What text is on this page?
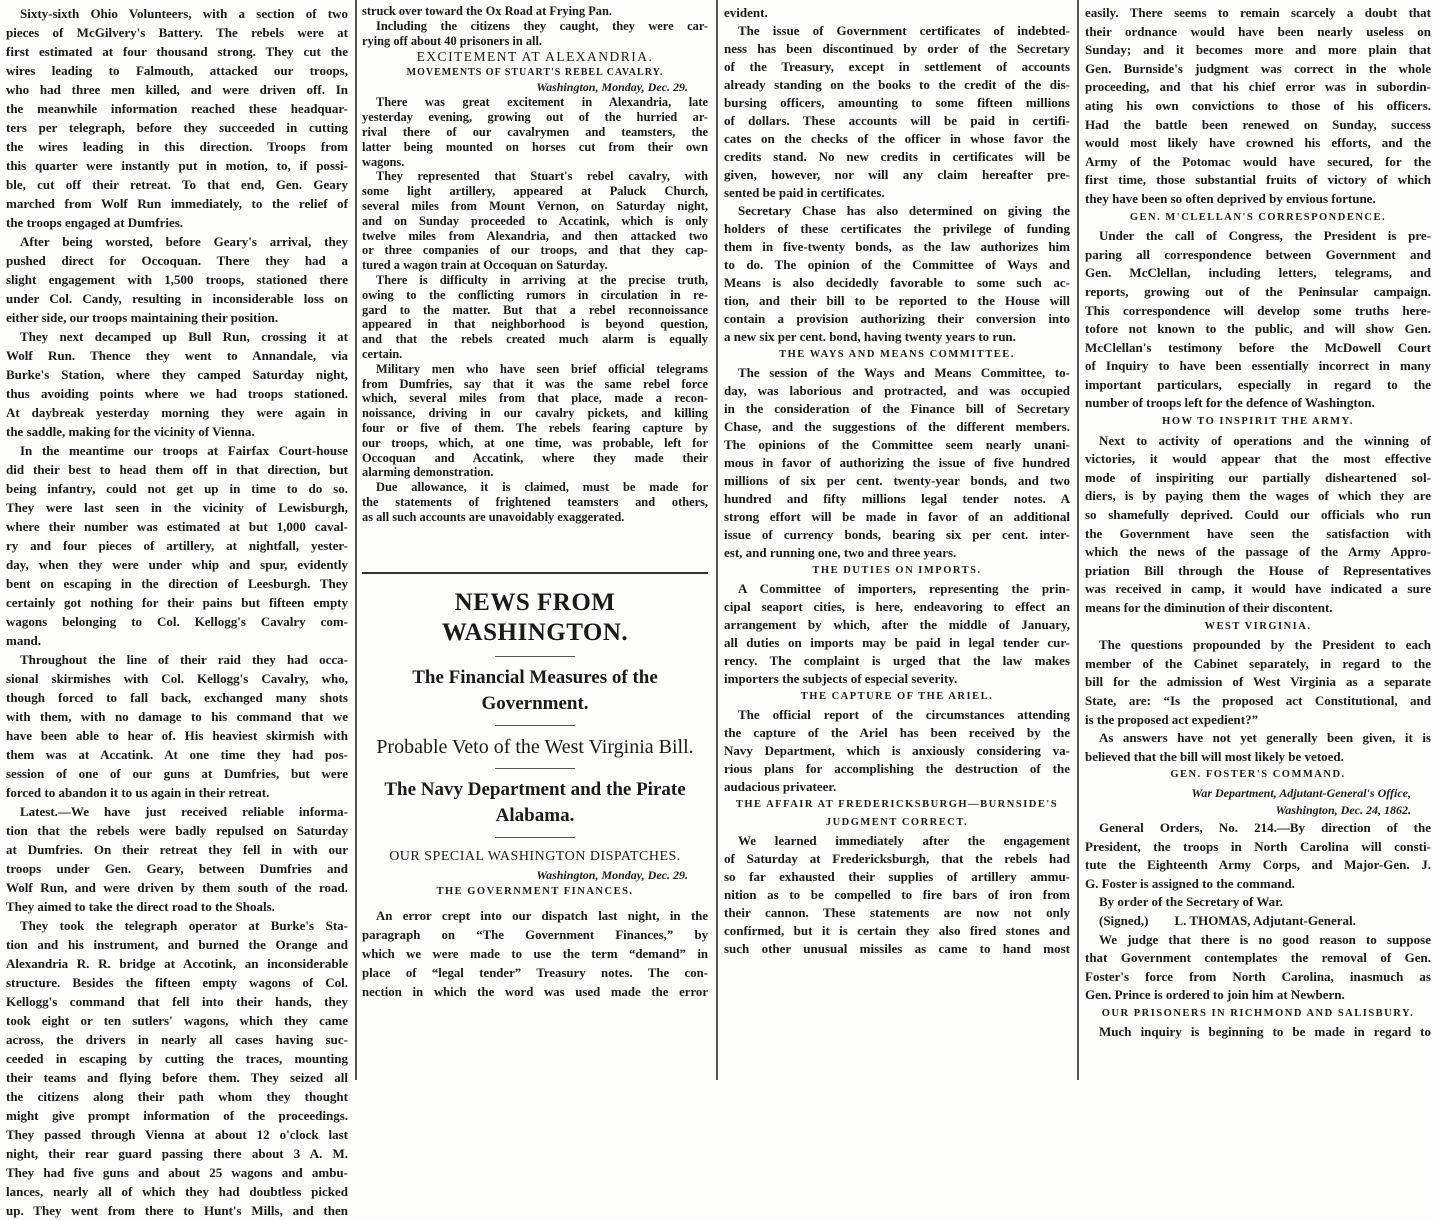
Sixty-sixth Ohio Volunteers, with a section of two
pieces of McGilvery's Battery. The rebels were at
first estimated at four thousand strong. They cut the
wires leading to Falmouth, attacked our troops,
who had three men killed, and were driven off. In
the meanwhile information reached these headquar-
ters per telegraph, before they succeeded in cutting
the wires leading in this direction. Troops from
this quarter were instantly put in motion, to, if possi-
ble, cut off their retreat. To that end, Gen. Geary
marched from Wolf Run immediately, to the relief of
the troops engaged at Dumfries.
After being worsted, before Geary's arrival, they
pushed direct for Occoquan. There they had a
slight engagement with 1,500 troops, stationed there
under Col. Candy, resulting in inconsiderable loss on
either side, our troops maintaining their position.
They next decamped up Bull Run, crossing it at
Wolf Run. Thence they went to Annandale, via
Burke's Station, where they camped Saturday night,
thus avoiding points where we had troops stationed.
At daybreak yesterday morning they were again in
the saddle, making for the vicinity of Vienna.
In the meantime our troops at Fairfax Court-house
did their best to head them off in that direction, but
being infantry, could not get up in time to do so.
They were last seen in the vicinity of Lewisburgh,
where their number was estimated at but 1,000 caval-
ry and four pieces of artillery, at nightfall, yester-
day, when they were under whip and spur, evidently
bent on escaping in the direction of Leesburgh. They
certainly got nothing for their pains but fifteen empty
wagons belonging to Col. Kellogg's Cavalry com-
mand.
Throughout the line of their raid they had occa-
sional skirmishes with Col. Kellogg's Cavalry, who,
though forced to fall back, exchanged many shots
with them, with no damage to his command that we
have been able to hear of. His heaviest skirmish with
them was at Accatink. At one time they had pos-
session of one of our guns at Dumfries, but were
forced to abandon it to us again in their retreat.
Latest.—We have just received reliable informa-
tion that the rebels were badly repulsed on Saturday
at Dumfries. On their retreat they fell in with our
troops under Gen. Geary, between Dumfries and
Wolf Run, and were driven by them south of the road.
They aimed to take the direct road to the Shoals.
They took the telegraph operator at Burke's Sta-
tion and his instrument, and burned the Orange and
Alexandria R. R. bridge at Accotink, an inconsiderable
structure. Besides the fifteen empty wagons of Col.
Kellogg's command that fell into their hands, they
took eight or ten sutlers' wagons, which they came
across, the drivers in nearly all cases having suc-
ceeded in escaping by cutting the traces, mounting
their teams and flying before them. They seized all
the citizens along their path whom they thought
might give prompt information of the proceedings.
They passed through Vienna at about 12 o'clock last
night, their rear guard passing there about 3 A. M.
They had five guns and about 25 wagons and ambu-
lances, nearly all of which they had doubtless picked
up. They went from there to Hunt's Mills, and then
struck over toward the Ox Road at Frying Pan.
Including the citizens they caught, they were car-
rying off about 40 prisoners in all.
EXCITEMENT AT ALEXANDRIA.
MOVEMENTS OF STUART'S REBEL CAVALRY.
Washington, Monday, Dec. 29.
There was great excitement in Alexandria, late
yesterday evening, growing out of the hurried ar-
rival there of our cavalrymen and teamsters, the
latter being mounted on horses cut from their own
wagons.
They represented that Stuart's rebel cavalry, with
some light artillery, appeared at Paluck Church,
several miles from Mount Vernon, on Saturday night,
and on Sunday proceeded to Accatink, which is only
twelve miles from Alexandria, and then attacked two
or three companies of our troops, and that they cap-
tured a wagon train at Occoquan on Saturday.
There is difficulty in arriving at the precise truth,
owing to the conflicting rumors in circulation in re-
gard to the matter. But that a rebel reconnoissance
appeared in that neighborhood is beyond question,
and that the rebels created much alarm is equally
certain.
Military men who have seen brief official telegrams
from Dumfries, say that it was the same rebel force
which, several miles from that place, made a recon-
noissance, driving in our cavalry pickets, and killing
four or five of them. The rebels fearing capture by
our troops, which, at one time, was probable, left for
Occoquan and Accatink, where they made their
alarming demonstration.
Due allowance, it is claimed, must be made for
the statements of frightened teamsters and others,
as all such accounts are unavoidably exaggerated.
NEWS FROM WASHINGTON.
The Financial Measures of the Government.
Probable Veto of the West Virginia Bill.
The Navy Department and the Pirate Alabama.
OUR SPECIAL WASHINGTON DISPATCHES.
Washington, Monday, Dec. 29.
THE GOVERNMENT FINANCES.
An error crept into our dispatch last night, in the
paragraph on “The Government Finances,” by
which we were made to use the term “demand” in
place of “legal tender” Treasury notes. The con-
nection in which the word was used made the error
evident.
The issue of Government certificates of indebted-
ness has been discontinued by order of the Secretary
of the Treasury, except in settlement of accounts
already standing on the books to the credit of the dis-
bursing officers, amounting to some fifteen millions
of dollars. These accounts will be paid in certifi-
cates on the checks of the officer in whose favor the
credits stand. No new credits in certificates will be
given, however, nor will any claim hereafter pre-
sented be paid in certificates.
Secretary Chase has also determined on giving the
holders of these certificates the privilege of funding
them in five-twenty bonds, as the law authorizes him
to do. The opinion of the Committee of Ways and
Means is also decidedly favorable to some such ac-
tion, and their bill to be reported to the House will
contain a provision authorizing their conversion into
a new six per cent. bond, having twenty years to run.
THE WAYS AND MEANS COMMITTEE.
The session of the Ways and Means Committee, to-
day, was laborious and protracted, and was occupied
in the consideration of the Finance bill of Secretary
Chase, and the suggestions of the different members.
The opinions of the Committee seem nearly unani-
mous in favor of authorizing the issue of five hundred
millions of six per cent. twenty-year bonds, and two
hundred and fifty millions legal tender notes. A
strong effort will be made in favor of an additional
issue of currency bonds, bearing six per cent. inter-
est, and running one, two and three years.
THE DUTIES ON IMPORTS.
A Committee of importers, representing the prin-
cipal seaport cities, is here, endeavoring to effect an
arrangement by which, after the middle of January,
all duties on imports may be paid in legal tender cur-
rency. The complaint is urged that the law makes
importers the subjects of especial severity.
THE CAPTURE OF THE ARIEL.
The official report of the circumstances attending
the capture of the Ariel has been received by the
Navy Department, which is anxiously considering va-
rious plans for accomplishing the destruction of the
audacious privateer.
THE AFFAIR AT FREDERICKSBURGH—BURNSIDE'S
JUDGMENT CORRECT.
We learned immediately after the engagement
of Saturday at Fredericksburgh, that the rebels had
so far exhausted their supplies of artillery ammu-
nition as to be compelled to fire bars of iron from
their cannon. These statements are now not only
confirmed, but it is certain they also fired stones and
such other unusual missiles as came to hand most
easily. There seems to remain scarcely a doubt that
their ordnance would have been nearly useless on
Sunday; and it becomes more and more plain that
Gen. Burnside's judgment was correct in the whole
proceeding, and that his chief error was in subordin-
ating his own convictions to those of his officers.
Had the battle been renewed on Sunday, success
would most likely have crowned his efforts, and the
Army of the Potomac would have secured, for the
first time, those substantial fruits of victory of which
they have been so often deprived by envious fortune.
GEN. M'CLELLAN'S CORRESPONDENCE.
Under the call of Congress, the President is pre-
paring all correspondence between Government and
Gen. McClellan, including letters, telegrams, and
reports, growing out of the Peninsular campaign.
This correspondence will develop some truths here-
tofore not known to the public, and will show Gen.
McClellan's testimony before the McDowell Court
of Inquiry to have been essentially incorrect in many
important particulars, especially in regard to the
number of troops left for the defence of Washington.
HOW TO INSPIRIT THE ARMY.
Next to activity of operations and the winning of
victories, it would appear that the most effective
mode of inspiriting our partially disheartened sol-
diers, is by paying them the wages of which they are
so shamefully deprived. Could our officials who run
the Government have seen the satisfaction with
which the news of the passage of the Army Appro-
priation Bill through the House of Representatives
was received in camp, it would have indicated a sure
means for the diminution of their discontent.
WEST VIRGINIA.
The questions propounded by the President to each
member of the Cabinet separately, in regard to the
bill for the admission of West Virginia as a separate
State, are: “Is the proposed act Constitutional, and
is the proposed act expedient?”
As answers have not yet generally been given, it is
believed that the bill will most likely be vetoed.
GEN. FOSTER'S COMMAND.
War Department, Adjutant-General's Office,
Washington, Dec. 24, 1862.
General Orders, No. 214.—By direction of the
President, the troops in North Carolina will consti-
tute the Eighteenth Army Corps, and Major-Gen. J.
G. Foster is assigned to the command.
By order of the Secretary of War.
(Signed,)        L. THOMAS, Adjutant-General.
We judge that there is no good reason to suppose
that Government contemplates the removal of Gen.
Foster's force from North Carolina, inasmuch as
Gen. Prince is ordered to join him at Newbern.
OUR PRISONERS IN RICHMOND AND SALISBURY.
Much inquiry is beginning to be made in regard to
